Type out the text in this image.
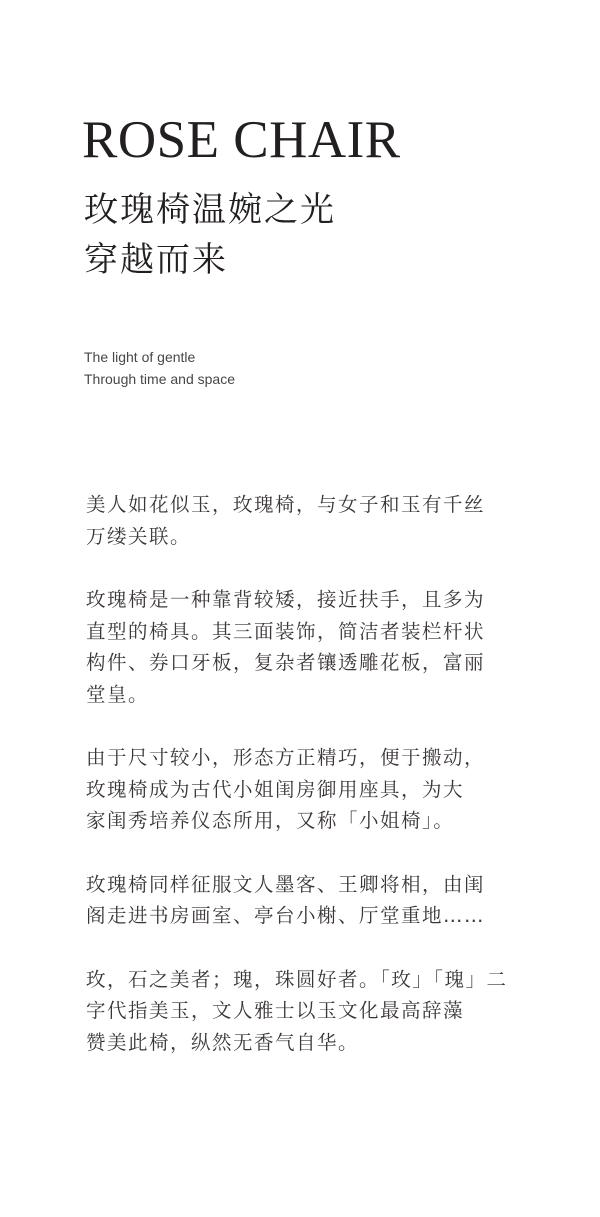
ROSE CHAIR
玫瑰椅温婉之光
穿越而来
The light of gentle
Through time and space
美人如花似玉，玫瑰椅，与女子和玉有千丝
万缕关联。
玫瑰椅是一种靠背较矮，接近扶手，且多为
直型的椅具。其三面装饰，简洁者装栏杆状
构件、券口牙板，复杂者镶透雕花板，富丽
堂皇。
由于尺寸较小，形态方正精巧，便于搬动，
玫瑰椅成为古代小姐闺房御用座具，为大
家闺秀培养仪态所用，又称「小姐椅」。
玫瑰椅同样征服文人墨客、王卿将相，由闺
阁走进书房画室、亭台小榭、厅堂重地……
玫，石之美者；瑰，珠圆好者。「玫」「瑰」二
字代指美玉，文人雅士以玉文化最高辞藻
赞美此椅，纵然无香气自华。
